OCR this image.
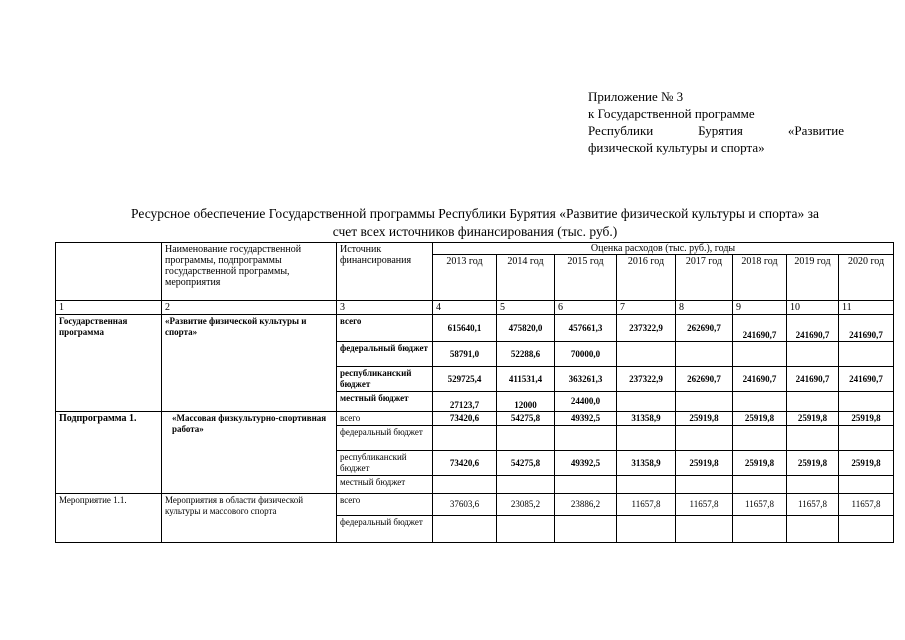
Приложение № 3
к Государственной программе
Республики	Бурятия	«Развитие
физической культуры и спорта»
Ресурсное обеспечение Государственной программы Республики Бурятия «Развитие физической культуры и спорта» за
счет всех источников финансирования (тыс. руб.)
	Наименование государственной программы, подпрограммы государственной программы, мероприятия	Источник финансирования	Оценка расходов (тыс. руб.), годы							
			2013 год	2014 год	2015 год	2016 год	2017 год	2018 год	2019 год	2020 год
1	2	3	4	5	6	7	8	9	10	11
Государственная программа	«Развитие физической культуры и спорта»	всего	615640,1	475820,0	457661,3	237322,9	262690,7	241690,7	241690,7	241690,7
		федеральный бюджет	58791,0	52288,6	70000,0					
		республиканский бюджет	529725,4	411531,4	363261,3	237322,9	262690,7	241690,7	241690,7	241690,7
		местный бюджет	27123,7	12000	24400,0					
Подпрограмма 1.	«Массовая физкультурно-спортивная работа»	всего	73420,6	54275,8	49392,5	31358,9	25919,8	25919,8	25919,8	25919,8
		федеральный бюджет								
		республиканский бюджет	73420,6	54275,8	49392,5	31358,9	25919,8	25919,8	25919,8	25919,8
		местный бюджет								
Мероприятие 1.1.	Мероприятия в области физической культуры и массового спорта	всего	37603,6	23085,2	23886,2	11657,8	11657,8	11657,8	11657,8	11657,8
		федеральный бюджет								
